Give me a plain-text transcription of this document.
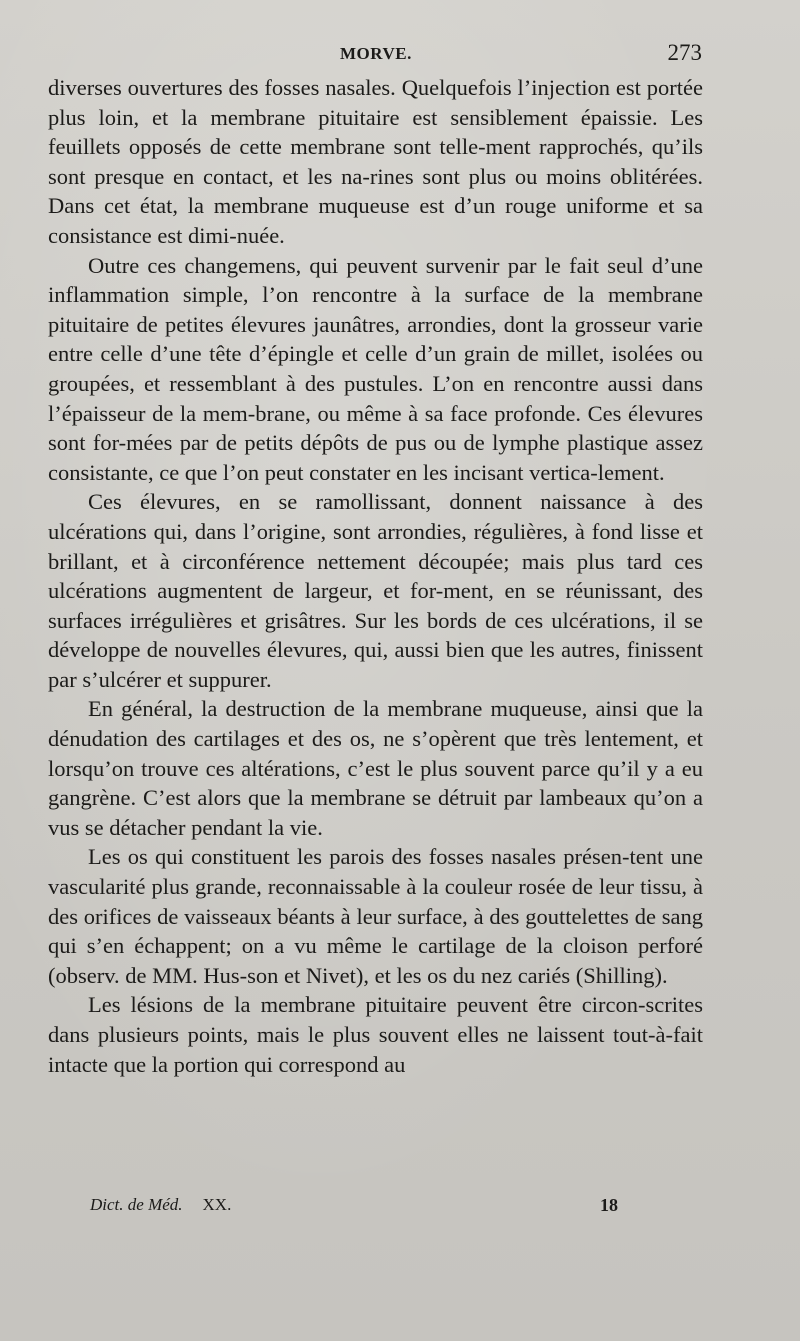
MORVE.	273

diverses ouvertures des fosses nasales. Quelquefois l’injection est portée plus loin, et la membrane pituitaire est sensiblement épaissie. Les feuillets opposés de cette membrane sont telle-ment rapprochés, qu’ils sont presque en contact, et les na-rines sont plus ou moins oblitérées. Dans cet état, la membrane muqueuse est d’un rouge uniforme et sa consistance est dimi-nuée.

Outre ces changemens, qui peuvent survenir par le fait seul d’une inflammation simple, l’on rencontre à la surface de la membrane pituitaire de petites élevures jaunâtres, arrondies, dont la grosseur varie entre celle d’une tête d’épingle et celle d’un grain de millet, isolées ou groupées, et ressemblant à des pustules. L’on en rencontre aussi dans l’épaisseur de la mem-brane, ou même à sa face profonde. Ces élevures sont for-mées par de petits dépôts de pus ou de lymphe plastique assez consistante, ce que l’on peut constater en les incisant vertica-lement.

Ces élevures, en se ramollissant, donnent naissance à des ulcérations qui, dans l’origine, sont arrondies, régulières, à fond lisse et brillant, et à circonférence nettement découpée; mais plus tard ces ulcérations augmentent de largeur, et for-ment, en se réunissant, des surfaces irrégulières et grisâtres. Sur les bords de ces ulcérations, il se développe de nouvelles élevures, qui, aussi bien que les autres, finissent par s’ulcérer et suppurer.

En général, la destruction de la membrane muqueuse, ainsi que la dénudation des cartilages et des os, ne s’opèrent que très lentement, et lorsqu’on trouve ces altérations, c’est le plus souvent parce qu’il y a eu gangrène. C’est alors que la membrane se détruit par lambeaux qu’on a vus se détacher pendant la vie.

Les os qui constituent les parois des fosses nasales présen-tent une vascularité plus grande, reconnaissable à la couleur rosée de leur tissu, à des orifices de vaisseaux béants à leur surface, à des gouttelettes de sang qui s’en échappent; on a vu même le cartilage de la cloison perforé (observ. de MM. Hus-son et Nivet), et les os du nez cariés (Shilling).

Les lésions de la membrane pituitaire peuvent être circon-scrites dans plusieurs points, mais le plus souvent elles ne laissent tout-à-fait intacte que la portion qui correspond au

Dict. de Méd. XX.	18
